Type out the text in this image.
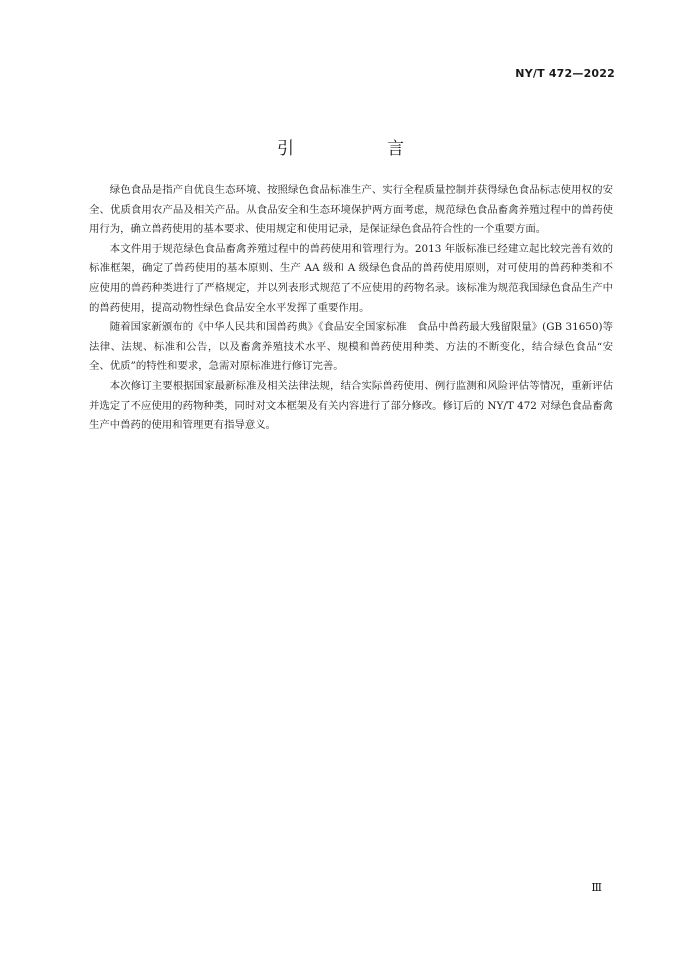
NY/T 472—2022
引　言

绿色食品是指产自优良生态环境、按照绿色食品标准生产、实行全程质量控制并获得绿色食品标志使用权的安全、优质食用农产品及相关产品。从食品安全和生态环境保护两方面考虑，规范绿色食品畜禽养殖过程中的兽药使用行为，确立兽药使用的基本要求、使用规定和使用记录，是保证绿色食品符合性的一个重要方面。

本文件用于规范绿色食品畜禽养殖过程中的兽药使用和管理行为。2013 年版标准已经建立起比较完善有效的标准框架，确定了兽药使用的基本原则、生产 AA 级和 A 级绿色食品的兽药使用原则，对可使用的兽药种类和不应使用的兽药种类进行了严格规定，并以列表形式规范了不应使用的药物名录。该标准为规范我国绿色食品生产中的兽药使用，提高动物性绿色食品安全水平发挥了重要作用。

随着国家新颁布的《中华人民共和国兽药典》《食品安全国家标准　食品中兽药最大残留限量》(GB 31650)等法律、法规、标准和公告，以及畜禽养殖技术水平、规模和兽药使用种类、方法的不断变化，结合绿色食品“安全、优质”的特性和要求，急需对原标准进行修订完善。

本次修订主要根据国家最新标准及相关法律法规，结合实际兽药使用、例行监测和风险评估等情况，重新评估并选定了不应使用的药物种类，同时对文本框架及有关内容进行了部分修改。修订后的 NY/T 472 对绿色食品畜禽生产中兽药的使用和管理更有指导意义。

Ⅲ
